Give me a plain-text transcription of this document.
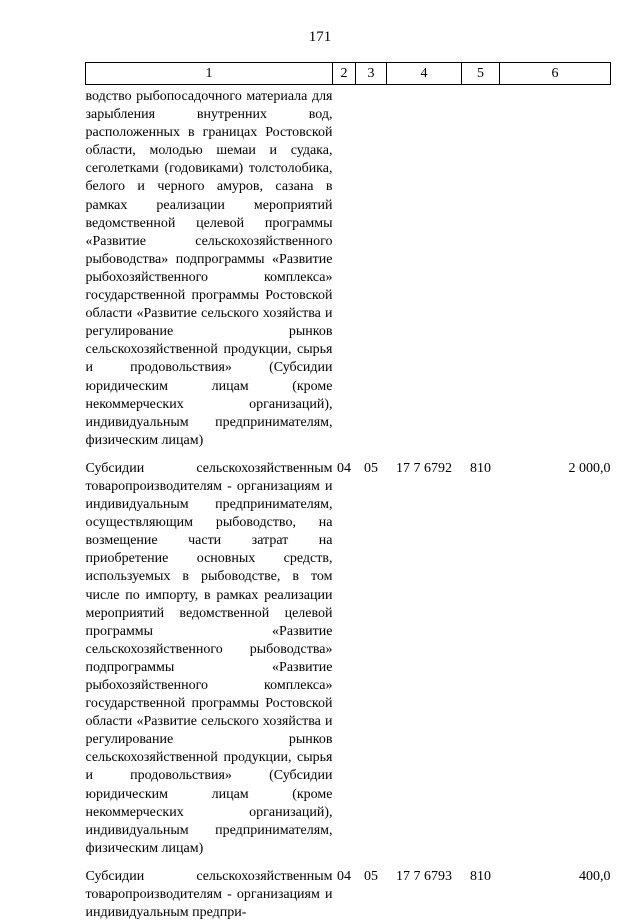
171
1	2	3	4	5	6
водство рыбопосадочного материала для зарыбления внутренних вод, расположенных в границах Ростовской области, молодью шемаи и судака, сеголетками (годовиками) толстолобика, белого и черного амуров, сазана в рамках реализации мероприятий ведомственной целевой программы «Развитие сельскохозяйственного рыбоводства» подпрограммы «Развитие рыбохозяйственного комплекса» государственной программы Ростовской области «Развитие сельского хозяйства и регулирование рынков сельскохозяйственной продукции, сырья и продовольствия» (Субсидии юридическим лицам (кроме некоммерческих организаций), индивидуальным предпринимателям, физическим лицам)					
Субсидии сельскохозяйственным товаропроизводителям - организациям и индивидуальным предпринимателям, осуществляющим рыбоводство, на возмещение части затрат на приобретение основных средств, используемых в рыбоводстве, в том числе по импорту, в рамках реализации мероприятий ведомственной целевой программы «Развитие сельскохозяйственного рыбоводства» подпрограммы «Развитие рыбохозяйственного комплекса» государственной программы Ростовской области «Развитие сельского хозяйства и регулирование рынков сельскохозяйственной продукции, сырья и продовольствия» (Субсидии юридическим лицам (кроме некоммерческих организаций), индивидуальным предпринимателям, физическим лицам)	04	05	17 7 6792	810	2 000,0
Субсидии сельскохозяйственным товаропроизводителям - организациям и индивидуальным предпри-	04	05	17 7 6793	810	400,0
